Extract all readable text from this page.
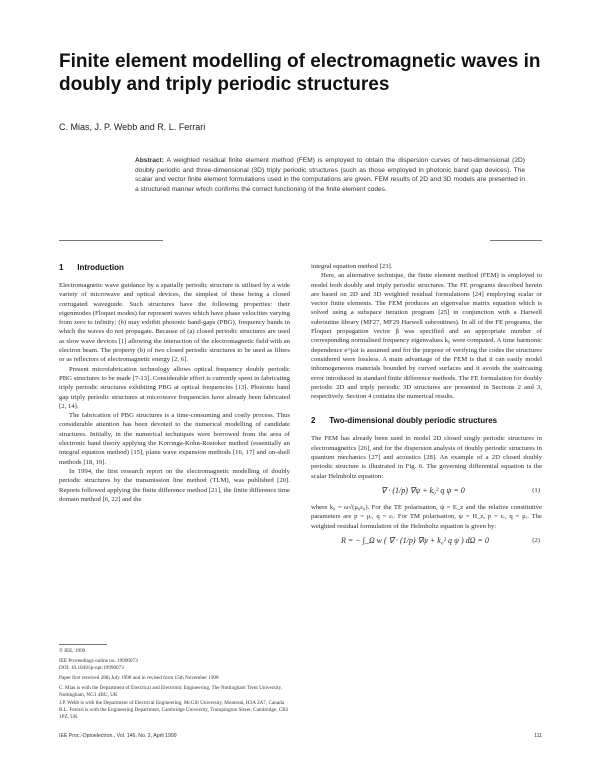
Finite element modelling of electromagnetic waves in doubly and triply periodic structures
C. Mias, J. P. Webb and R. L. Ferrari
Abstract: A weighted residual finite element method (FEM) is employed to obtain the dispersion curves of two-dimensional (2D) doubly periodic and three-dimensional (3D) triply periodic structures (such as those employed in photonic band gap devices). The scalar and vector finite element formulations used in the computations are given. FEM results of 2D and 3D models are presented in a structured manner which confirms the correct functioning of the finite element codes.
1 Introduction

Electromagnetic wave guidance by a spatially periodic structure is utilised by a wide variety of microwave and optical devices, the simplest of these being a closed corrugated waveguide. Such structures have the following properties: their eigenmodes (Floquet modes) far represent waves which have phase velocities varying from zero to infinity; (b) may exhibit photonic band-gaps (PBG), frequency bands in which the waves do not propagate. Because of (a) closed periodic structures are used as slow wave devices [1] allowing the interaction of the electromagnetic field with an electron beam. The property (b) of two closed periodic structures to be used as filters or as reflectors of electromagnetic energy [2, 6].

Present microfabrication technology allows optical frequency doubly periodic PBG structures to be made [7-13]. Considerable effort is currently spent in fabricating triply periodic structures exhibiting PBG at optical frequencies [13]. Photonic band gap triply periodic structures at microwave frequencies have already been fabricated [2, 14].

The fabrication of PBG structures is a time-consuming and costly process. Thus considerable attention has been devoted to the numerical modelling of candidate structures. Initially, in the numerical techniques were borrowed from the area of electronic band theory applying the Korringa-Kohn-Rostoker method (essentially an integral equation method) [15], plane wave expansion methods [16, 17] and on-shell methods [18, 19].

In 1994, the first research report on the electromagnetic modelling of doubly periodic structures by the transmission line method (TLM), was published [20]. Reports followed applying the finite difference method [21], the finite difference time domain method [6, 22] and the

© IEE, 1999

IEE Proceedings online no. 19990073

DOI: 10.1049/ip-opt:19990073

Paper first received 28th July 1998 and in revised form 15th November 1998

C. Mias is with the Department of Electrical and Electronic Engineering, The Nottingham Trent University, Nottingham, NG1 4BU, UK

J.P. Webb is with the Department of Electrical Engineering, McGill University, Montreal, H3A 2A7, Canada

R.L. Ferrari is with the Engineering Department, Cambridge University, Trumpington Street, Cambridge, CB2 1PZ, UK

integral equation method [23].

Here, an alternative technique, the finite element method (FEM) is employed to model both doubly and triply periodic structures. The FE programs described herein are based on 2D and 3D weighted residual formulations [24] employing scalar or vector finite elements. The FEM produces an eigenvalue matrix equation which is solved using a subspace iteration program [25] in conjunction with a Harwell subroutine library (MF27, MF29 Harwell subroutines). In all of the FE programs, the Floquet propagation vector β was specified and an appropriate number of corresponding normalised frequency eigenvalues k₀ were computed. A time harmonic dependence e^jωt is assumed and for the purpose of verifying the codes the structures considered were lossless. A main advantage of the FEM is that it can easily model inhomogeneous materials bounded by curved surfaces and it avoids the staircasing error introduced in standard finite difference methods. The FE formulation for doubly periodic 2D and triply periodic 3D structures are presented in Sections 2 and 3, respectively. Section 4 contains the numerical results.

2 Two-dimensional doubly periodic structures

The FEM has already been used to model 2D closed singly periodic structures in electromagnetics [26], and for the dispersion analysis of doubly periodic structures in quantum mechanics [27] and acoustics [28]. An example of a 2D closed doubly periodic structure is illustrated in Fig. 6. The governing differential equation is the scalar Helmholtz equation:

∇ · (1/p) ∇ψ + k₀² q ψ = 0	(1)

where k₀ = ω√(μ₀ε₀). For the TE polarisation, ψ = E_z and the relative constitutive parameters are p = μᵣ, q = εᵣ. For TM polarisation, ψ = H_z, p = εᵣ, q = μᵣ. The weighted residual formulation of the Helmholtz equation is given by:

R = − ∫_Ω w ( ∇ · (1/p) ∇ψ + k₀² q ψ ) dΩ = 0	(2)
IEE Proc.-Optoelectron., Vol. 146, No. 2, April 1999	111
